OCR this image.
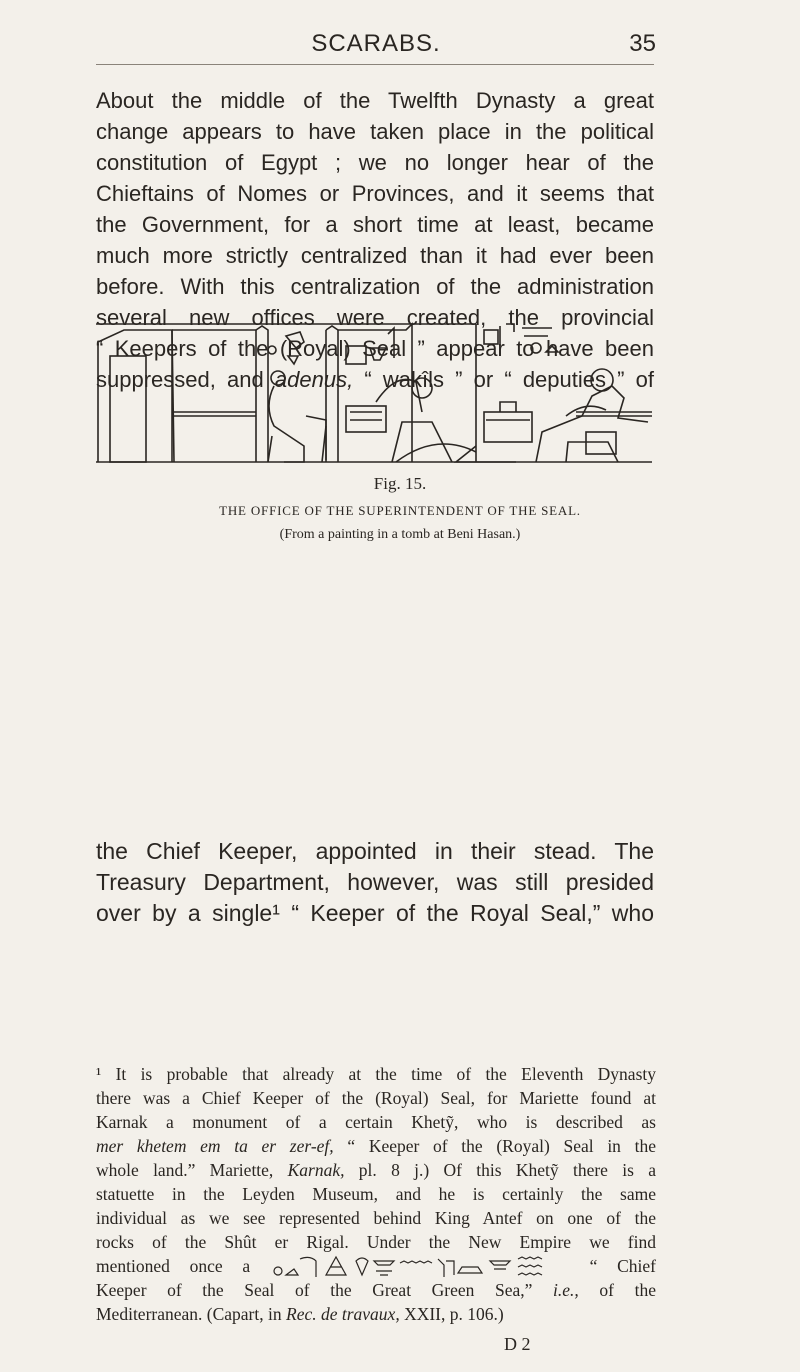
SCARABS.	35
About the middle of the Twelfth Dynasty a great
change appears to have taken place in the political
constitution of Egypt ; we no longer hear of the
Chieftains of Nomes or Provinces, and it seems that
the Government, for a short time at least, became
much more strictly centralized than it had ever been
before. With this centralization of the administration
several new offices were created, the provincial
“ Keepers of the (Royal) Seal ” appear to have been
suppressed, and adenus, “ wakîls ” or “ deputies ” of
Fig. 15.
THE OFFICE OF THE SUPERINTENDENT OF THE SEAL.
(From a painting in a tomb at Beni Hasan.)
the Chief Keeper, appointed in their stead. The
Treasury Department, however, was still presided
over by a single¹ “ Keeper of the Royal Seal,” who
¹ It is probable that already at the time of the Eleventh Dynasty
there was a Chief Keeper of the (Royal) Seal, for Mariette found at
Karnak a monument of a certain Khetỹ, who is described as
mer khetem em ta er zer-ef, “ Keeper of the (Royal) Seal in the
whole land.” Mariette, Karnak, pl. 8 j.) Of this Khetỹ there is a
statuette in the Leyden Museum, and he is certainly the same
individual as we see represented behind King Antef on one of the
rocks of the Shût er Rigal. Under the New Empire we find
mentioned once a	“ Chief
Keeper of the Seal of the Great Green Sea,” i.e., of the
Mediterranean. (Capart, in Rec. de travaux, XXII, p. 106.)
D 2
